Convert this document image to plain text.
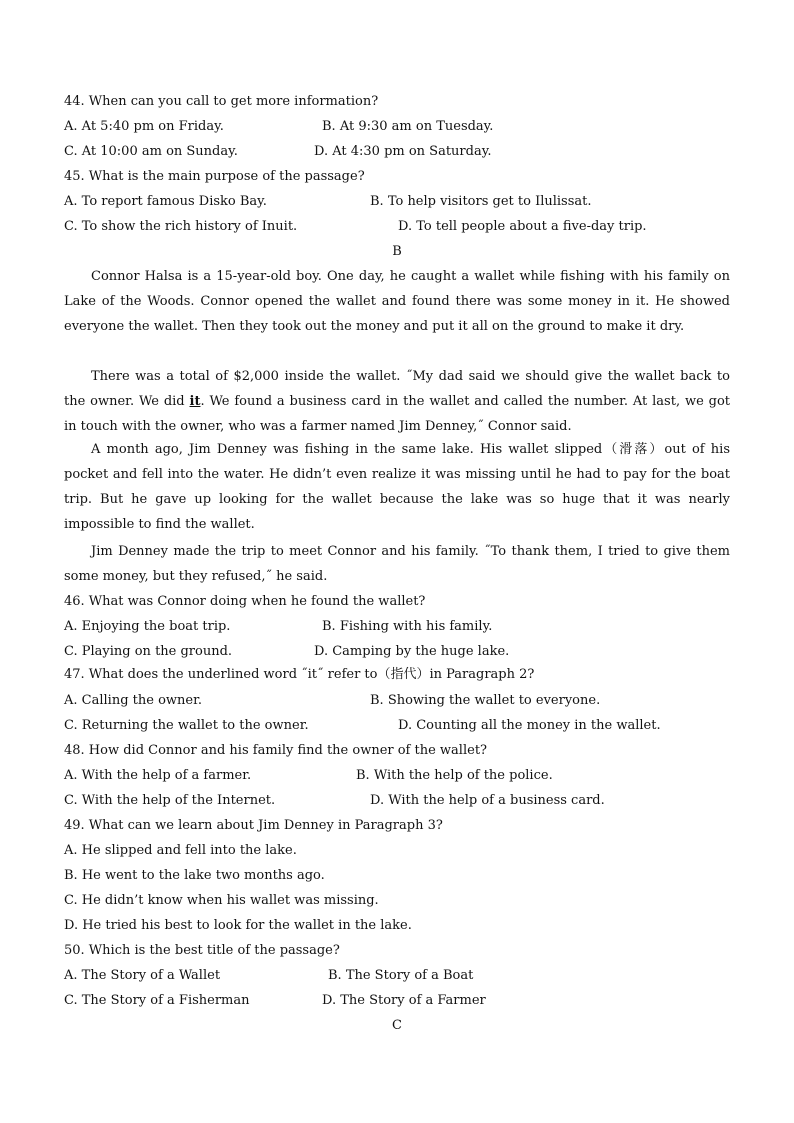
44. When can you call to get more information?
A. At 5:40 pm on Friday.	B. At 9:30 am on Tuesday.
C. At 10:00 am on Sunday.	D. At 4:30 pm on Saturday.
45. What is the main purpose of the passage?
A. To report famous Disko Bay.	B. To help visitors get to Ilulissat.
C. To show the rich history of Inuit.	D. To tell people about a five-day trip.
B
Connor Halsa is a 15-year-old boy. One day, he caught a wallet while fishing with his family on Lake of the Woods. Connor opened the wallet and found there was some money in it. He showed everyone the wallet. Then they took out the money and put it all on the ground to make it dry.
There was a total of $2,000 inside the wallet. ˝My dad said we should give the wallet back to the owner. We did it. We found a business card in the wallet and called the number. At last, we got in touch with the owner, who was a farmer named Jim Denney,˝ Connor said.
A month ago, Jim Denney was fishing in the same lake. His wallet slipped（滑落）out of his pocket and fell into the water. He didn’t even realize it was missing until he had to pay for the boat trip. But he gave up looking for the wallet because the lake was so huge that it was nearly impossible to find the wallet.
Jim Denney made the trip to meet Connor and his family. ˝To thank them, I tried to give them some money, but they refused,˝ he said.
46. What was Connor doing when he found the wallet?
A. Enjoying the boat trip.	B. Fishing with his family.
C. Playing on the ground.	D. Camping by the huge lake.
47. What does the underlined word ˝it˝ refer to（指代）in Paragraph 2?
A. Calling the owner.	B. Showing the wallet to everyone.
C. Returning the wallet to the owner.	D. Counting all the money in the wallet.
48. How did Connor and his family find the owner of the wallet?
A. With the help of a farmer.	B. With the help of the police.
C. With the help of the Internet.	D. With the help of a business card.
49. What can we learn about Jim Denney in Paragraph 3?
A. He slipped and fell into the lake.
B. He went to the lake two months ago.
C. He didn’t know when his wallet was missing.
D. He tried his best to look for the wallet in the lake.
50. Which is the best title of the passage?
A. The Story of a Wallet	B. The Story of a Boat
C. The Story of a Fisherman	D. The Story of a Farmer
C
